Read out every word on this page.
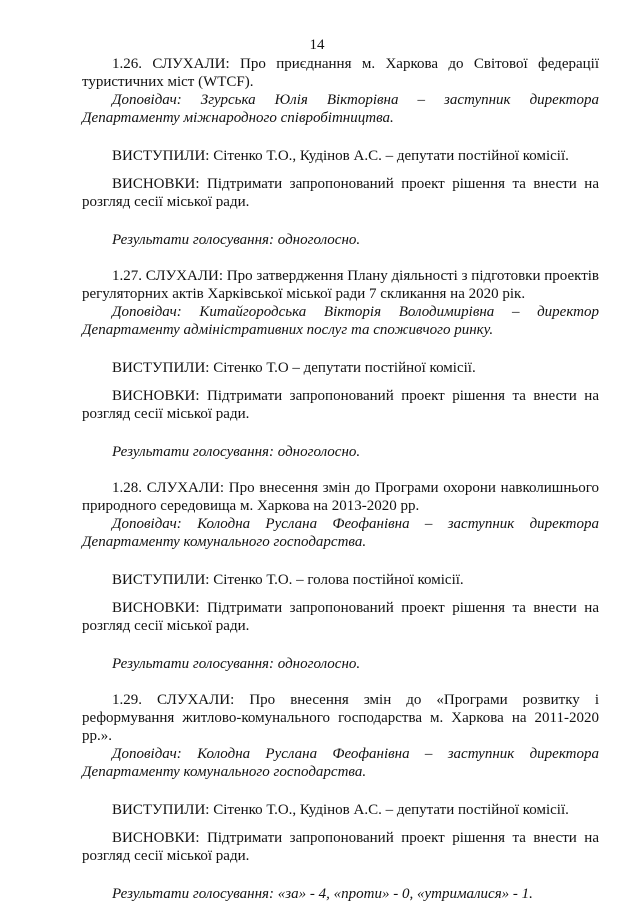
14

1.26. СЛУХАЛИ: Про приєднання м. Харкова до Світової федерації туристичних міст (WTCF).

Доповідач: Згурська Юлія Вікторівна – заступник директора Департаменту міжнародного співробітництва.

ВИСТУПИЛИ: Сітенко Т.О., Кудінов А.С. – депутати постійної комісії.

ВИСНОВКИ: Підтримати запропонований проект рішення та внести на розгляд сесії міської ради.

Результати голосування: одноголосно.

1.27. СЛУХАЛИ: Про затвердження Плану діяльності з підготовки проектів регуляторних актів Харківської міської ради 7 скликання на 2020 рік.

Доповідач: Китайгородська Вікторія Володимирівна – директор Департаменту адміністративних послуг та споживчого ринку.

ВИСТУПИЛИ: Сітенко Т.О – депутати постійної комісії.

ВИСНОВКИ: Підтримати запропонований проект рішення та внести на розгляд сесії міської ради.

Результати голосування: одноголосно.

1.28. СЛУХАЛИ: Про внесення змін до Програми охорони навколишнього природного середовища м. Харкова на 2013-2020 рр.

Доповідач: Колодна Руслана Феофанівна – заступник директора Департаменту комунального господарства.

ВИСТУПИЛИ: Сітенко Т.О. – голова постійної комісії.

ВИСНОВКИ: Підтримати запропонований проект рішення та внести на розгляд сесії міської ради.

Результати голосування: одноголосно.

1.29. СЛУХАЛИ: Про внесення змін до «Програми розвитку і реформування житлово-комунального господарства м. Харкова на 2011-2020 рр.».

Доповідач: Колодна Руслана Феофанівна – заступник директора Департаменту комунального господарства.

ВИСТУПИЛИ: Сітенко Т.О., Кудінов А.С. – депутати постійної комісії.

ВИСНОВКИ: Підтримати запропонований проект рішення та внести на розгляд сесії міської ради.

Результати голосування: «за» - 4, «проти» - 0, «утрималися» - 1.
